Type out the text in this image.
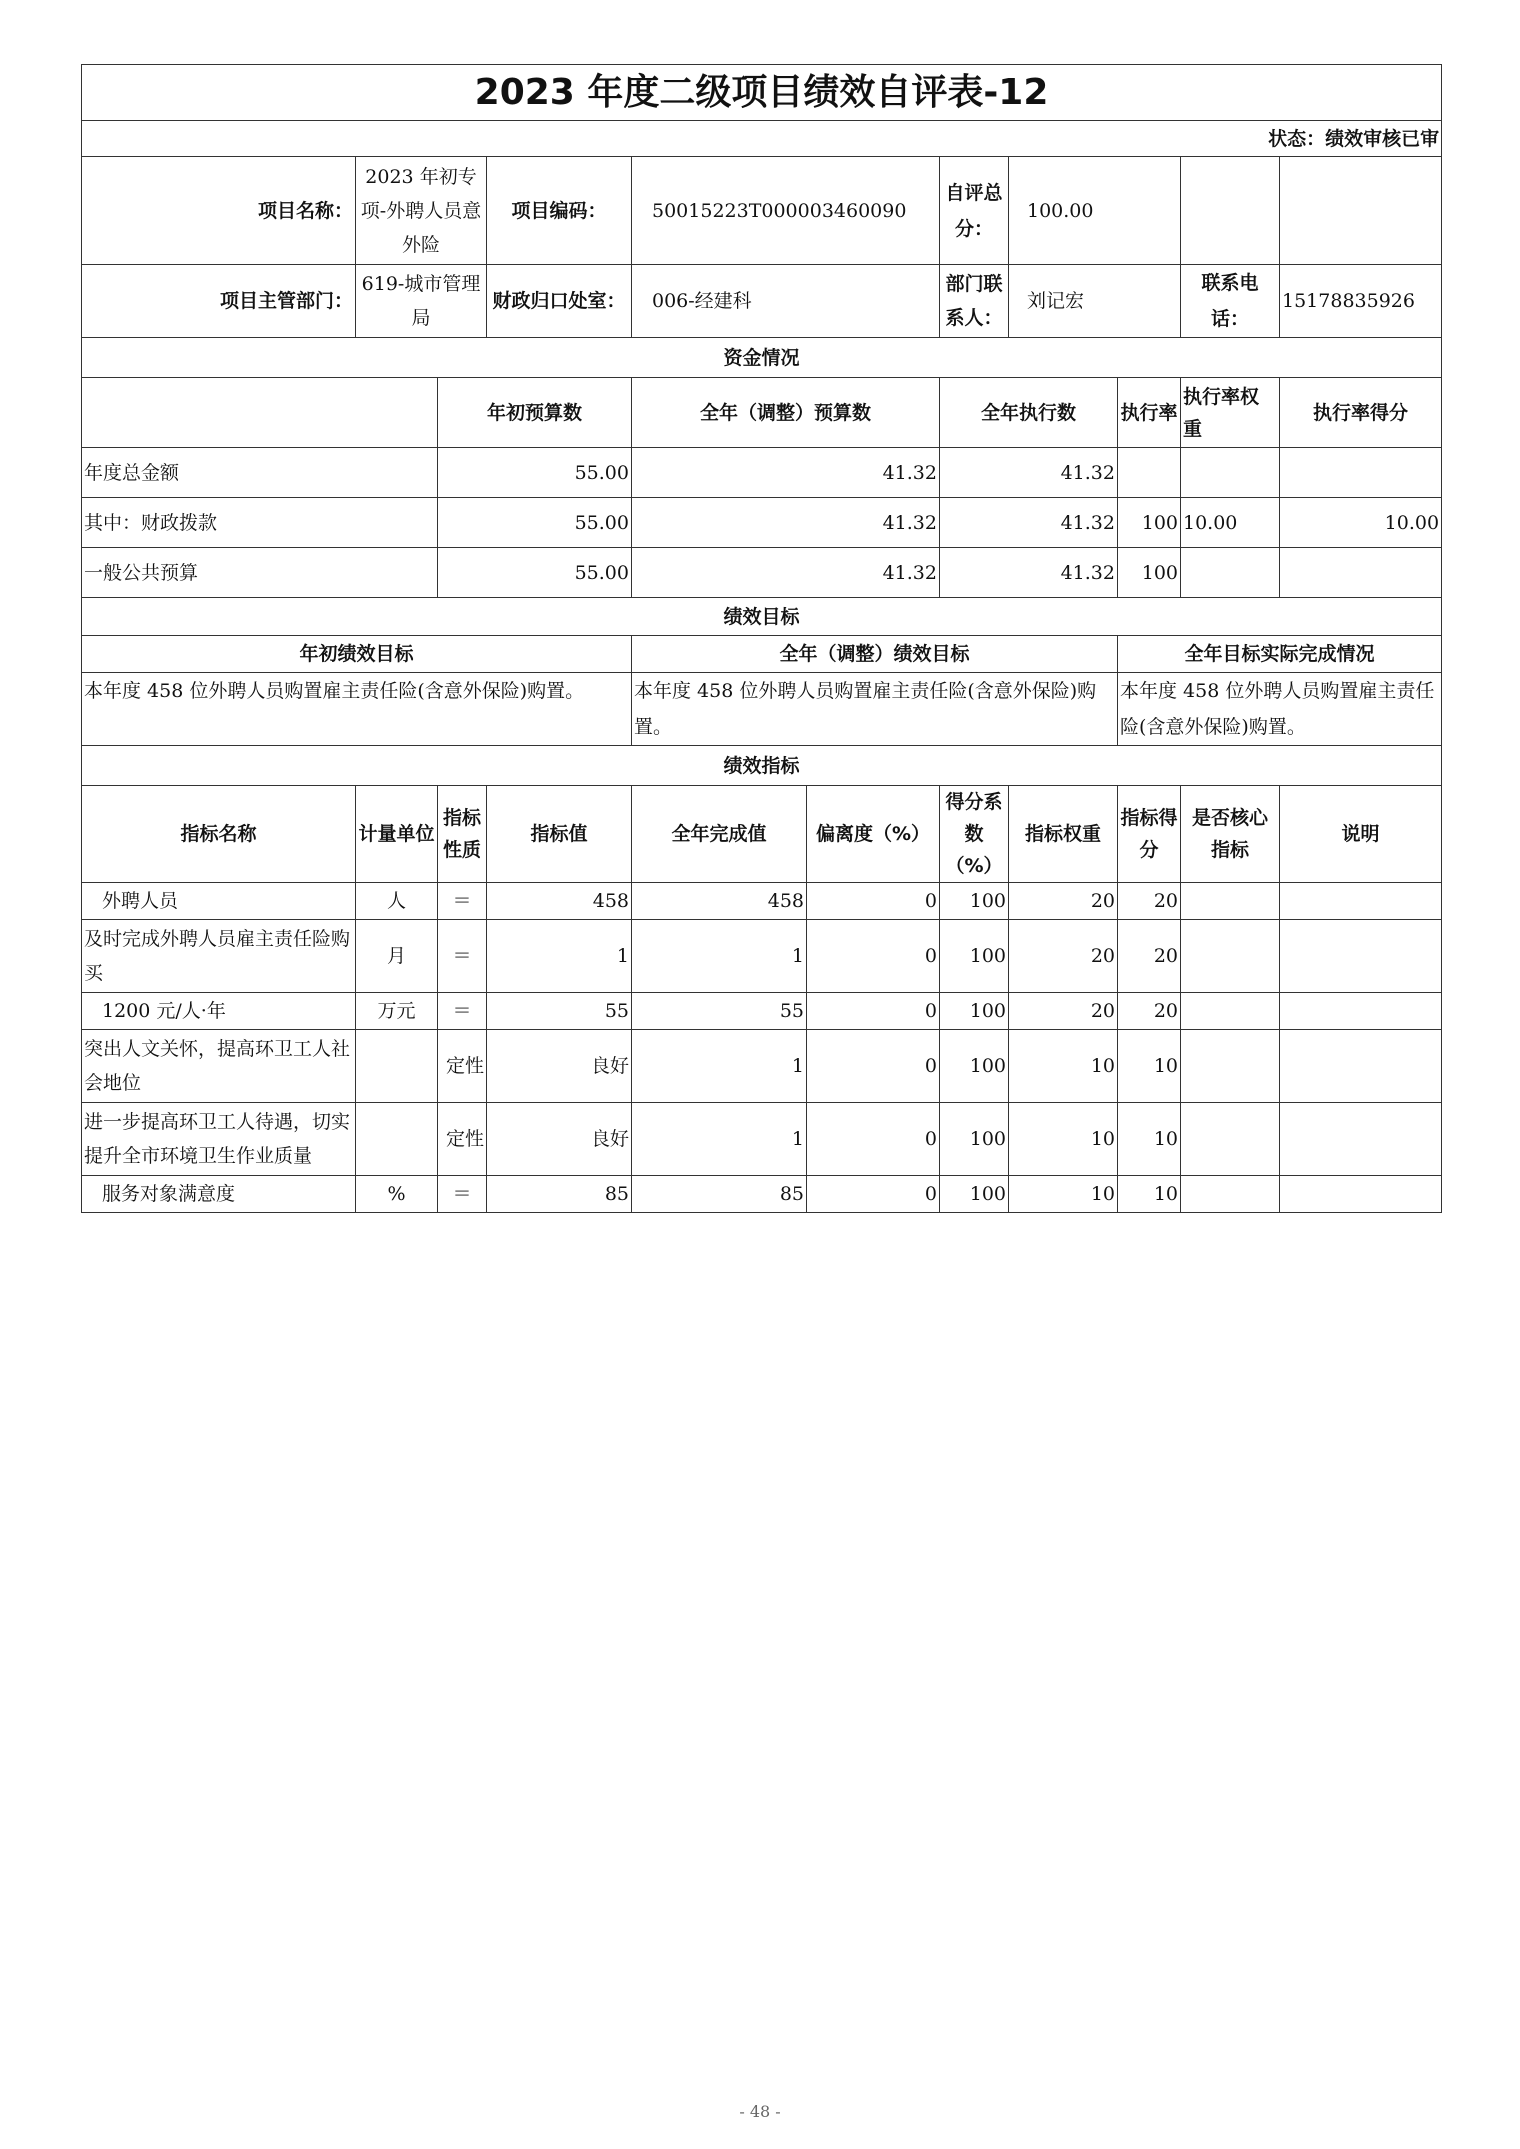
2023 年度二级项目绩效自评表-12										
状态：绩效审核已审										
项目名称：	2023 年初专项-外聘人员意外险		项目编码：	50015223T000003460090		自评总分：	100.00			
项目主管部门：	619-城市管理局		财政归口处室：	006-经建科		部门联系人：	刘记宏		联系电话：	15178835926
资金情况										
		年初预算数		全年（调整）预算数		全年执行数		执行率	执行率权重	执行率得分
年度总金额		55.00		41.32		41.32				
其中：财政拨款		55.00		41.32		41.32		100	10.00	10.00
一般公共预算		55.00		41.32		41.32		100		
绩效目标										
年初绩效目标				全年（调整）绩效目标				全年目标实际完成情况		
本年度 458 位外聘人员购置雇主责任险(含意外保险)购置。				本年度 458 位外聘人员购置雇主责任险(含意外保险)购置。				本年度 458 位外聘人员购置雇主责任险(含意外保险)购置。		
绩效指标										
指标名称	计量单位	指标性质	指标值	全年完成值	偏离度（%）	得分系数（%）	指标权重	指标得分	是否核心指标	说明
外聘人员	人	＝	458	458	0	100	20	20		
及时完成外聘人员雇主责任险购买	月	＝	1	1	0	100	20	20		
1200 元/人·年	万元	＝	55	55	0	100	20	20		
突出人文关怀，提高环卫工人社会地位		定性	良好	1	0	100	10	10		
进一步提高环卫工人待遇，切实提升全市环境卫生作业质量		定性	良好	1	0	100	10	10		
服务对象满意度	%	＝	85	85	0	100	10	10		
- 48 -
